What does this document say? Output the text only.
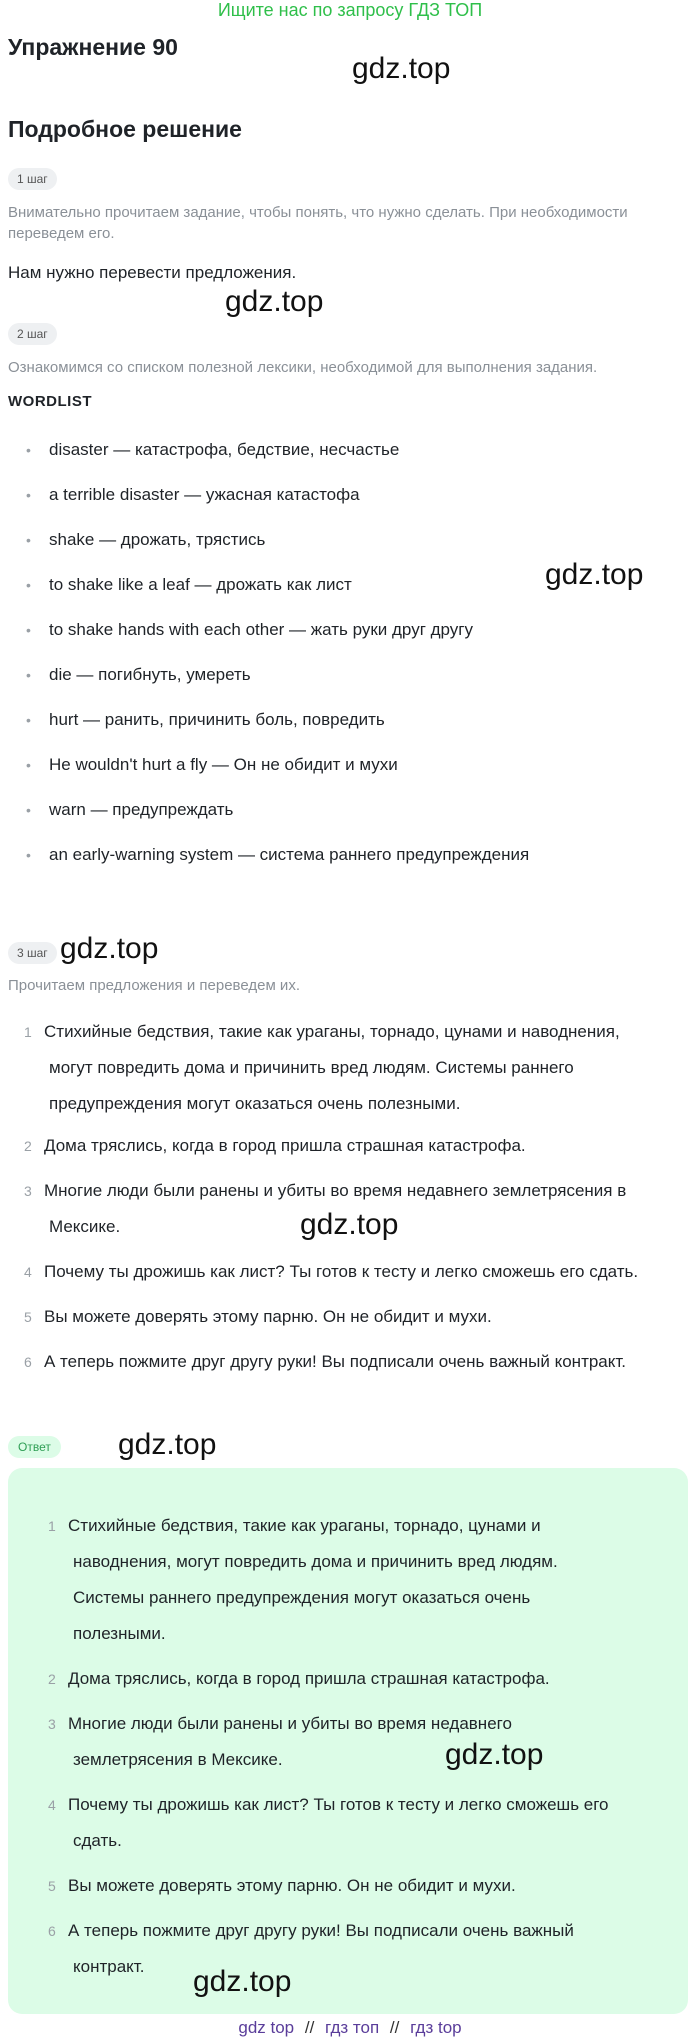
Ищите нас по запросу ГДЗ ТОП
Упражнение 90
gdz.top
Подробное решение
1 шаг
Внимательно прочитаем задание, чтобы понять, что нужно сделать. При необходимости переведем его.
Нам нужно перевести предложения.
gdz.top
2 шаг
Ознакомимся со списком полезной лексики, необходимой для выполнения задания.
WORDLIST
• disaster — катастрофа, бедствие, несчастье
• a terrible disaster — ужасная катастофа
• shake — дрожать, трястись
• to shake like a leaf — дрожать как лист
• to shake hands with each other — жать руки друг другу
• die — погибнуть, умереть
• hurt — ранить, причинить боль, повредить
• He wouldn't hurt a fly — Он не обидит и мухи
• warn — предупреждать
• an early-warning system — система раннего предупреждения
gdz.top
3 шаг gdz.top
Прочитаем предложения и переведем их.
1 Стихийные бедствия, такие как ураганы, торнадо, цунами и наводнения,
могут повредить дома и причинить вред людям. Системы раннего
предупреждения могут оказаться очень полезными.
2 Дома тряслись, когда в город пришла страшная катастрофа.
3 Многие люди были ранены и убиты во время недавнего землетрясения в
Мексике.
4 Почему ты дрожишь как лист? Ты готов к тесту и легко сможешь его сдать.
5 Вы можете доверять этому парню. Он не обидит и мухи.
6 А теперь пожмите друг другу руки! Вы подписали очень важный контракт.
gdz.top
Ответ	gdz.top
1 Стихийные бедствия, такие как ураганы, торнадо, цунами и
наводнения, могут повредить дома и причинить вред людям.
Системы раннего предупреждения могут оказаться очень
полезными.
2 Дома тряслись, когда в город пришла страшная катастрофа.
3 Многие люди были ранены и убиты во время недавнего
землетрясения в Мексике.
4 Почему ты дрожишь как лист? Ты готов к тесту и легко сможешь его
сдать.
5 Вы можете доверять этому парню. Он не обидит и мухи.
6 А теперь пожмите друг другу руки! Вы подписали очень важный
контракт.
gdz.top
gdz.top
gdz top // гдз топ // гдз top
